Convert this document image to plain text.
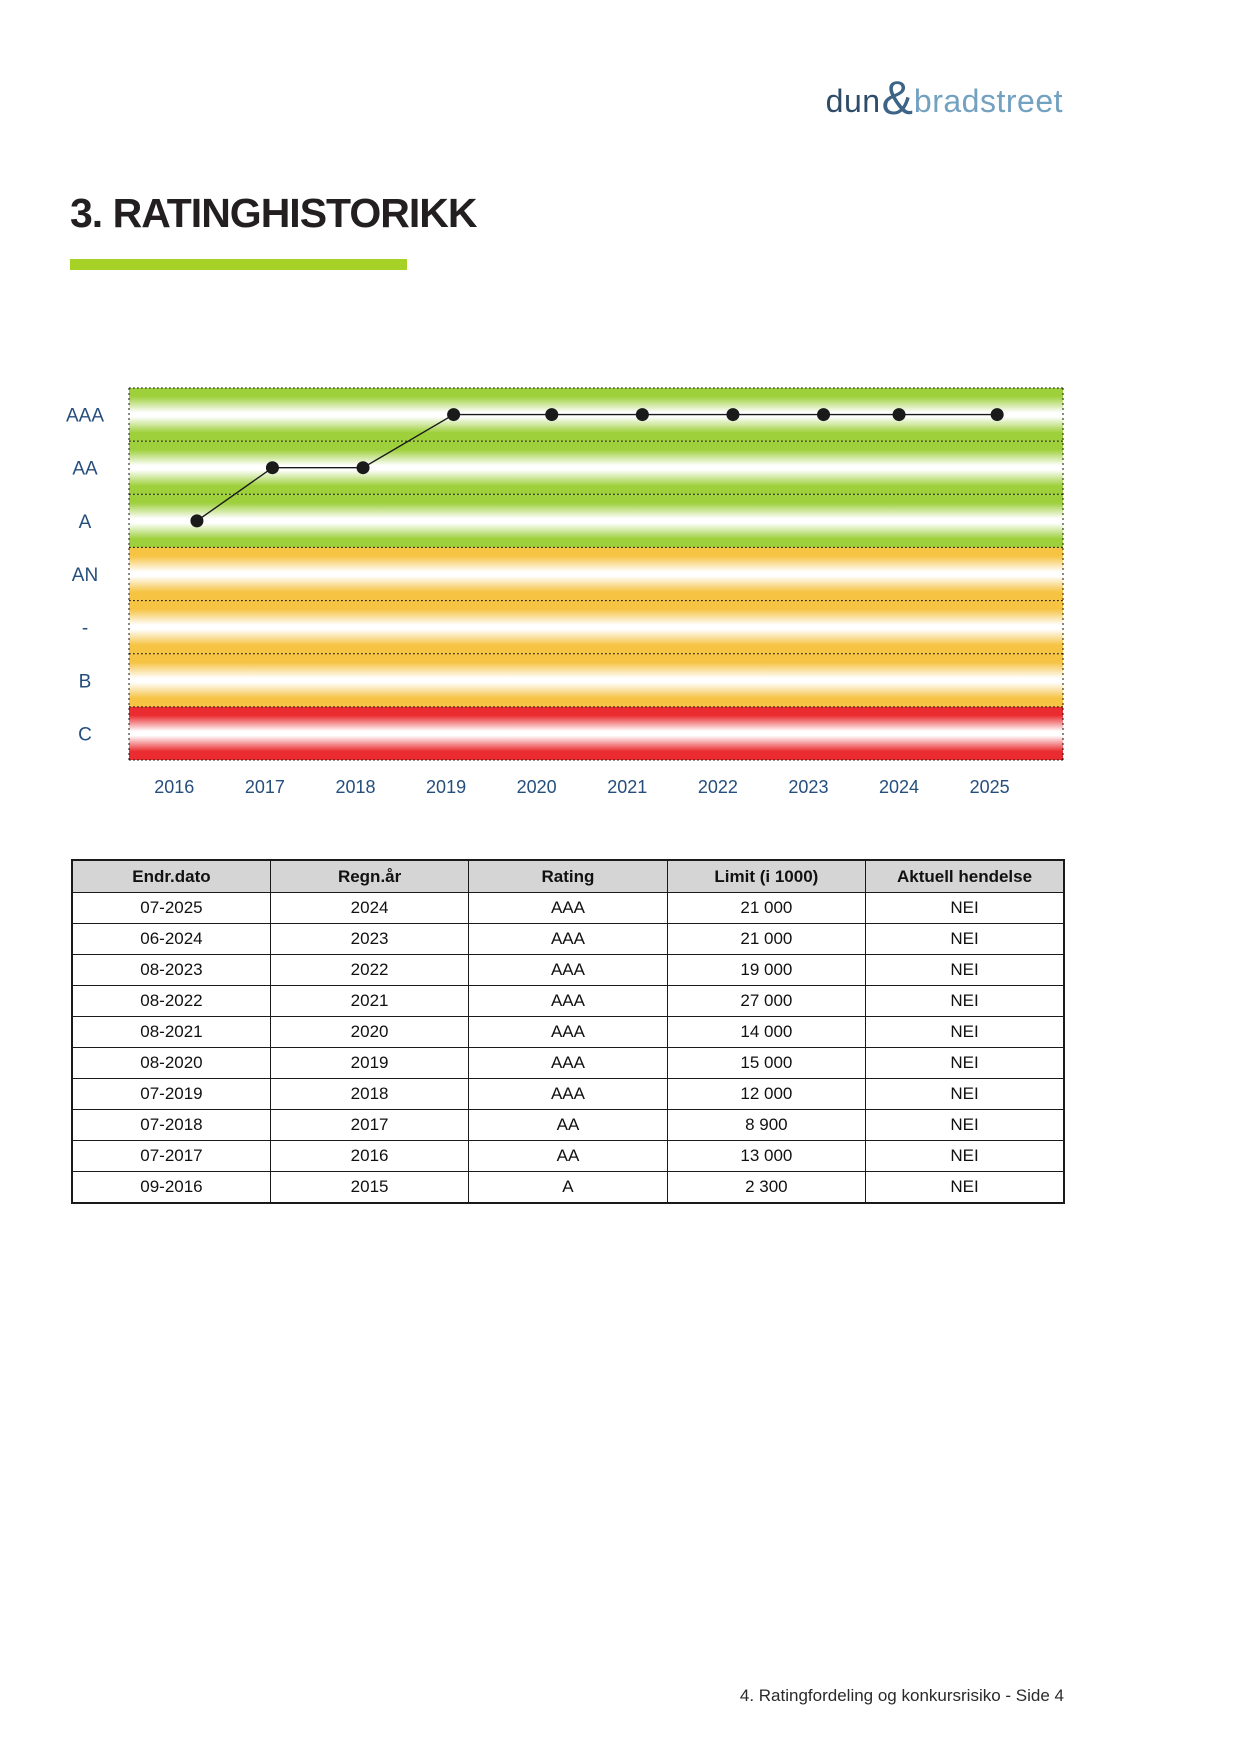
dun & bradstreet
3. RATINGHISTORIKK
AAA
AA
A
AN
-
B
C
2016	2017	2018	2019	2020	2021	2022	2023	2024	2025
Endr.dato	Regn.år	Rating	Limit (i 1000)	Aktuell hendelse
07-2025	2024	AAA	21 000	NEI
06-2024	2023	AAA	21 000	NEI
08-2023	2022	AAA	19 000	NEI
08-2022	2021	AAA	27 000	NEI
08-2021	2020	AAA	14 000	NEI
08-2020	2019	AAA	15 000	NEI
07-2019	2018	AAA	12 000	NEI
07-2018	2017	AA	8 900	NEI
07-2017	2016	AA	13 000	NEI
09-2016	2015	A	2 300	NEI
4. Ratingfordeling og konkursrisiko - Side 4
